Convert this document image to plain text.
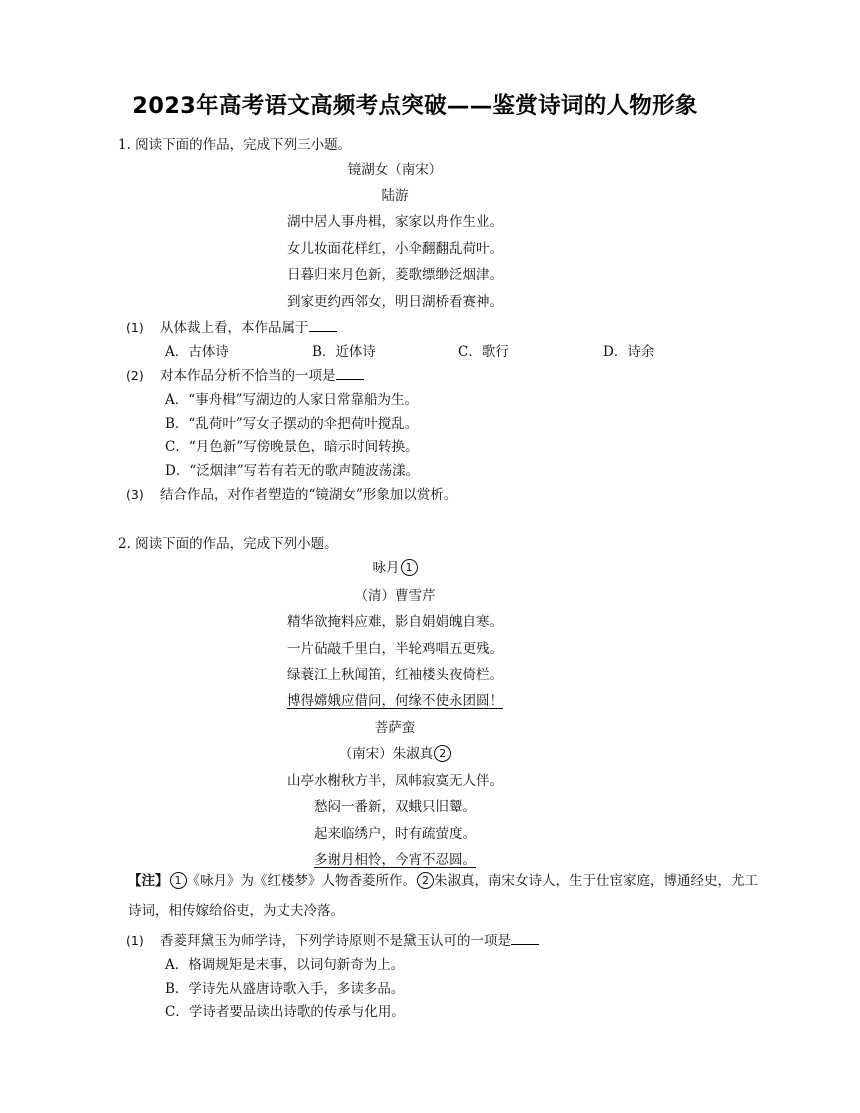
2023年高考语文高频考点突破——鉴赏诗词的人物形象
1. 阅读下面的作品，完成下列三小题。
镜湖女（南宋）
陆游
湖中居人事舟楫，家家以舟作生业。
女儿妆面花样红，小伞翻翻乱荷叶。
日暮归来月色新，菱歌缥缈泛烟津。
到家更约西邻女，明日湖桥看赛神。
(1) 从体裁上看，本作品属于
A．古体诗	B．近体诗	C．歌行	D．诗余
(2) 对本作品分析不恰当的一项是
A．“事舟楫”写湖边的人家日常靠船为生。
B．“乱荷叶”写女子摆动的伞把荷叶搅乱。
C．“月色新”写傍晚景色，暗示时间转换。
D．“泛烟津”写若有若无的歌声随波荡漾。
(3) 结合作品，对作者塑造的“镜湖女”形象加以赏析。
2. 阅读下面的作品，完成下列小题。
咏月 1
（清）曹雪芹
精华欲掩料应难，影自娟娟魄自寒。
一片砧敲千里白，半轮鸡唱五更残。
绿蓑江上秋闻笛，红袖楼头夜倚栏。
博得嫦娥应借问，何缘不使永团圆！
菩萨蛮
（南宋）朱淑真 2
山亭水榭秋方半，凤帏寂寞无人伴。
愁闷一番新，双蛾只旧颦。
起来临绣户，时有疏萤度。
多谢月相怜，今宵不忍圆。
【注】 1 《咏月》为《红楼梦》人物香菱所作。 2 朱淑真，南宋女诗人，生于仕宦家庭，博通经史，尤工诗词，相传嫁给俗吏，为丈夫冷落。
(1) 香菱拜黛玉为师学诗，下列学诗原则不是黛玉认可的一项是
A．格调规矩是末事，以词句新奇为上。
B．学诗先从盛唐诗歌入手，多读多品。
C．学诗者要品读出诗歌的传承与化用。
